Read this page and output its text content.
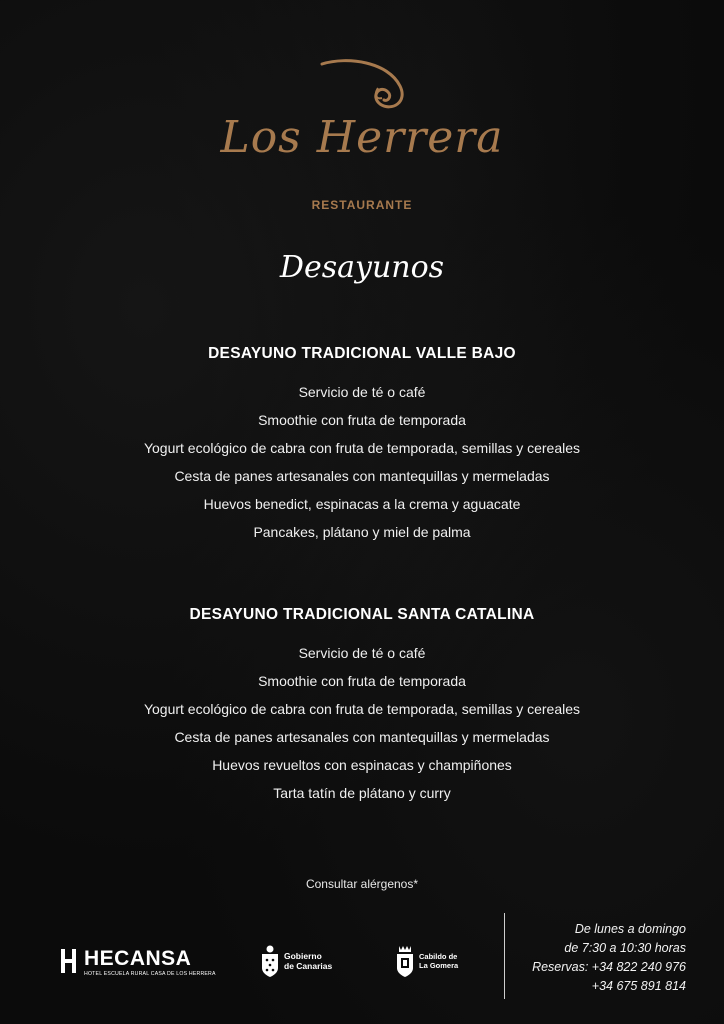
Los Herrera
RESTAURANTE
Desayunos
DESAYUNO TRADICIONAL VALLE BAJO
Servicio de té o café
Smoothie con fruta de temporada
Yogurt ecológico de cabra con fruta de temporada, semillas y cereales
Cesta de panes artesanales con mantequillas y mermeladas
Huevos benedict, espinacas a la crema y aguacate
Pancakes, plátano y miel de palma
DESAYUNO TRADICIONAL SANTA CATALINA
Servicio de té o café
Smoothie con fruta de temporada
Yogurt ecológico de cabra con fruta de temporada, semillas y cereales
Cesta de panes artesanales con mantequillas y mermeladas
Huevos revueltos con espinacas y champiñones
Tarta tatín de plátano y curry
Consultar alérgenos*
HECANSA
HOTEL ESCUELA RURAL CASA DE LOS HERRERA
Gobierno
de Canarias
Cabildo de
La Gomera
De lunes a domingo
de 7:30 a 10:30 horas
Reservas: +34 822 240 976
+34 675 891 814
